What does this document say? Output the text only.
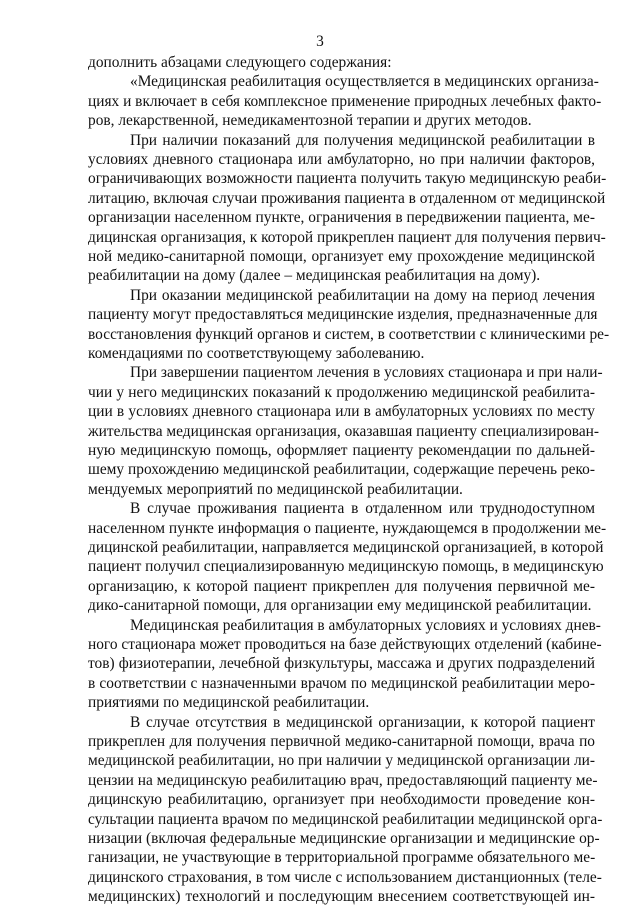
3
дополнить абзацами следующего содержания:
«Медицинская реабилитация осуществляется в медицинских организа-
циях и включает в себя комплексное применение природных лечебных факто-
ров, лекарственной, немедикаментозной терапии и других методов.
При наличии показаний для получения медицинской реабилитации в
условиях дневного стационара или амбулаторно, но при наличии факторов,
ограничивающих возможности пациента получить такую медицинскую реаби-
литацию, включая случаи проживания пациента в отдаленном от медицинской
организации населенном пункте, ограничения в передвижении пациента, ме-
дицинская организация, к которой прикреплен пациент для получения первич-
ной медико-санитарной помощи, организует ему прохождение медицинской
реабилитации на дому (далее – медицинская реабилитация на дому).
При оказании медицинской реабилитации на дому на период лечения
пациенту могут предоставляться медицинские изделия, предназначенные для
восстановления функций органов и систем, в соответствии с клиническими ре-
комендациями по соответствующему заболеванию.
При завершении пациентом лечения в условиях стационара и при нали-
чии у него медицинских показаний к продолжению медицинской реабилита-
ции в условиях дневного стационара или в амбулаторных условиях по месту
жительства медицинская организация, оказавшая пациенту специализирован-
ную медицинскую помощь, оформляет пациенту рекомендации по дальней-
шему прохождению медицинской реабилитации, содержащие перечень реко-
мендуемых мероприятий по медицинской реабилитации.
В случае проживания пациента в отдаленном или труднодоступном
населенном пункте информация о пациенте, нуждающемся в продолжении ме-
дицинской реабилитации, направляется медицинской организацией, в которой
пациент получил специализированную медицинскую помощь, в медицинскую
организацию, к которой пациент прикреплен для получения первичной ме-
дико-санитарной помощи, для организации ему медицинской реабилитации.
Медицинская реабилитация в амбулаторных условиях и условиях днев-
ного стационара может проводиться на базе действующих отделений (кабине-
тов) физиотерапии, лечебной физкультуры, массажа и других подразделений
в соответствии с назначенными врачом по медицинской реабилитации меро-
приятиями по медицинской реабилитации.
В случае отсутствия в медицинской организации, к которой пациент
прикреплен для получения первичной медико-санитарной помощи, врача по
медицинской реабилитации, но при наличии у медицинской организации ли-
цензии на медицинскую реабилитацию врач, предоставляющий пациенту ме-
дицинскую реабилитацию, организует при необходимости проведение кон-
сультации пациента врачом по медицинской реабилитации медицинской орга-
низации (включая федеральные медицинские организации и медицинские ор-
ганизации, не участвующие в территориальной программе обязательного ме-
дицинского страхования, в том числе с использованием дистанционных (теле-
медицинских) технологий и последующим внесением соответствующей ин-
